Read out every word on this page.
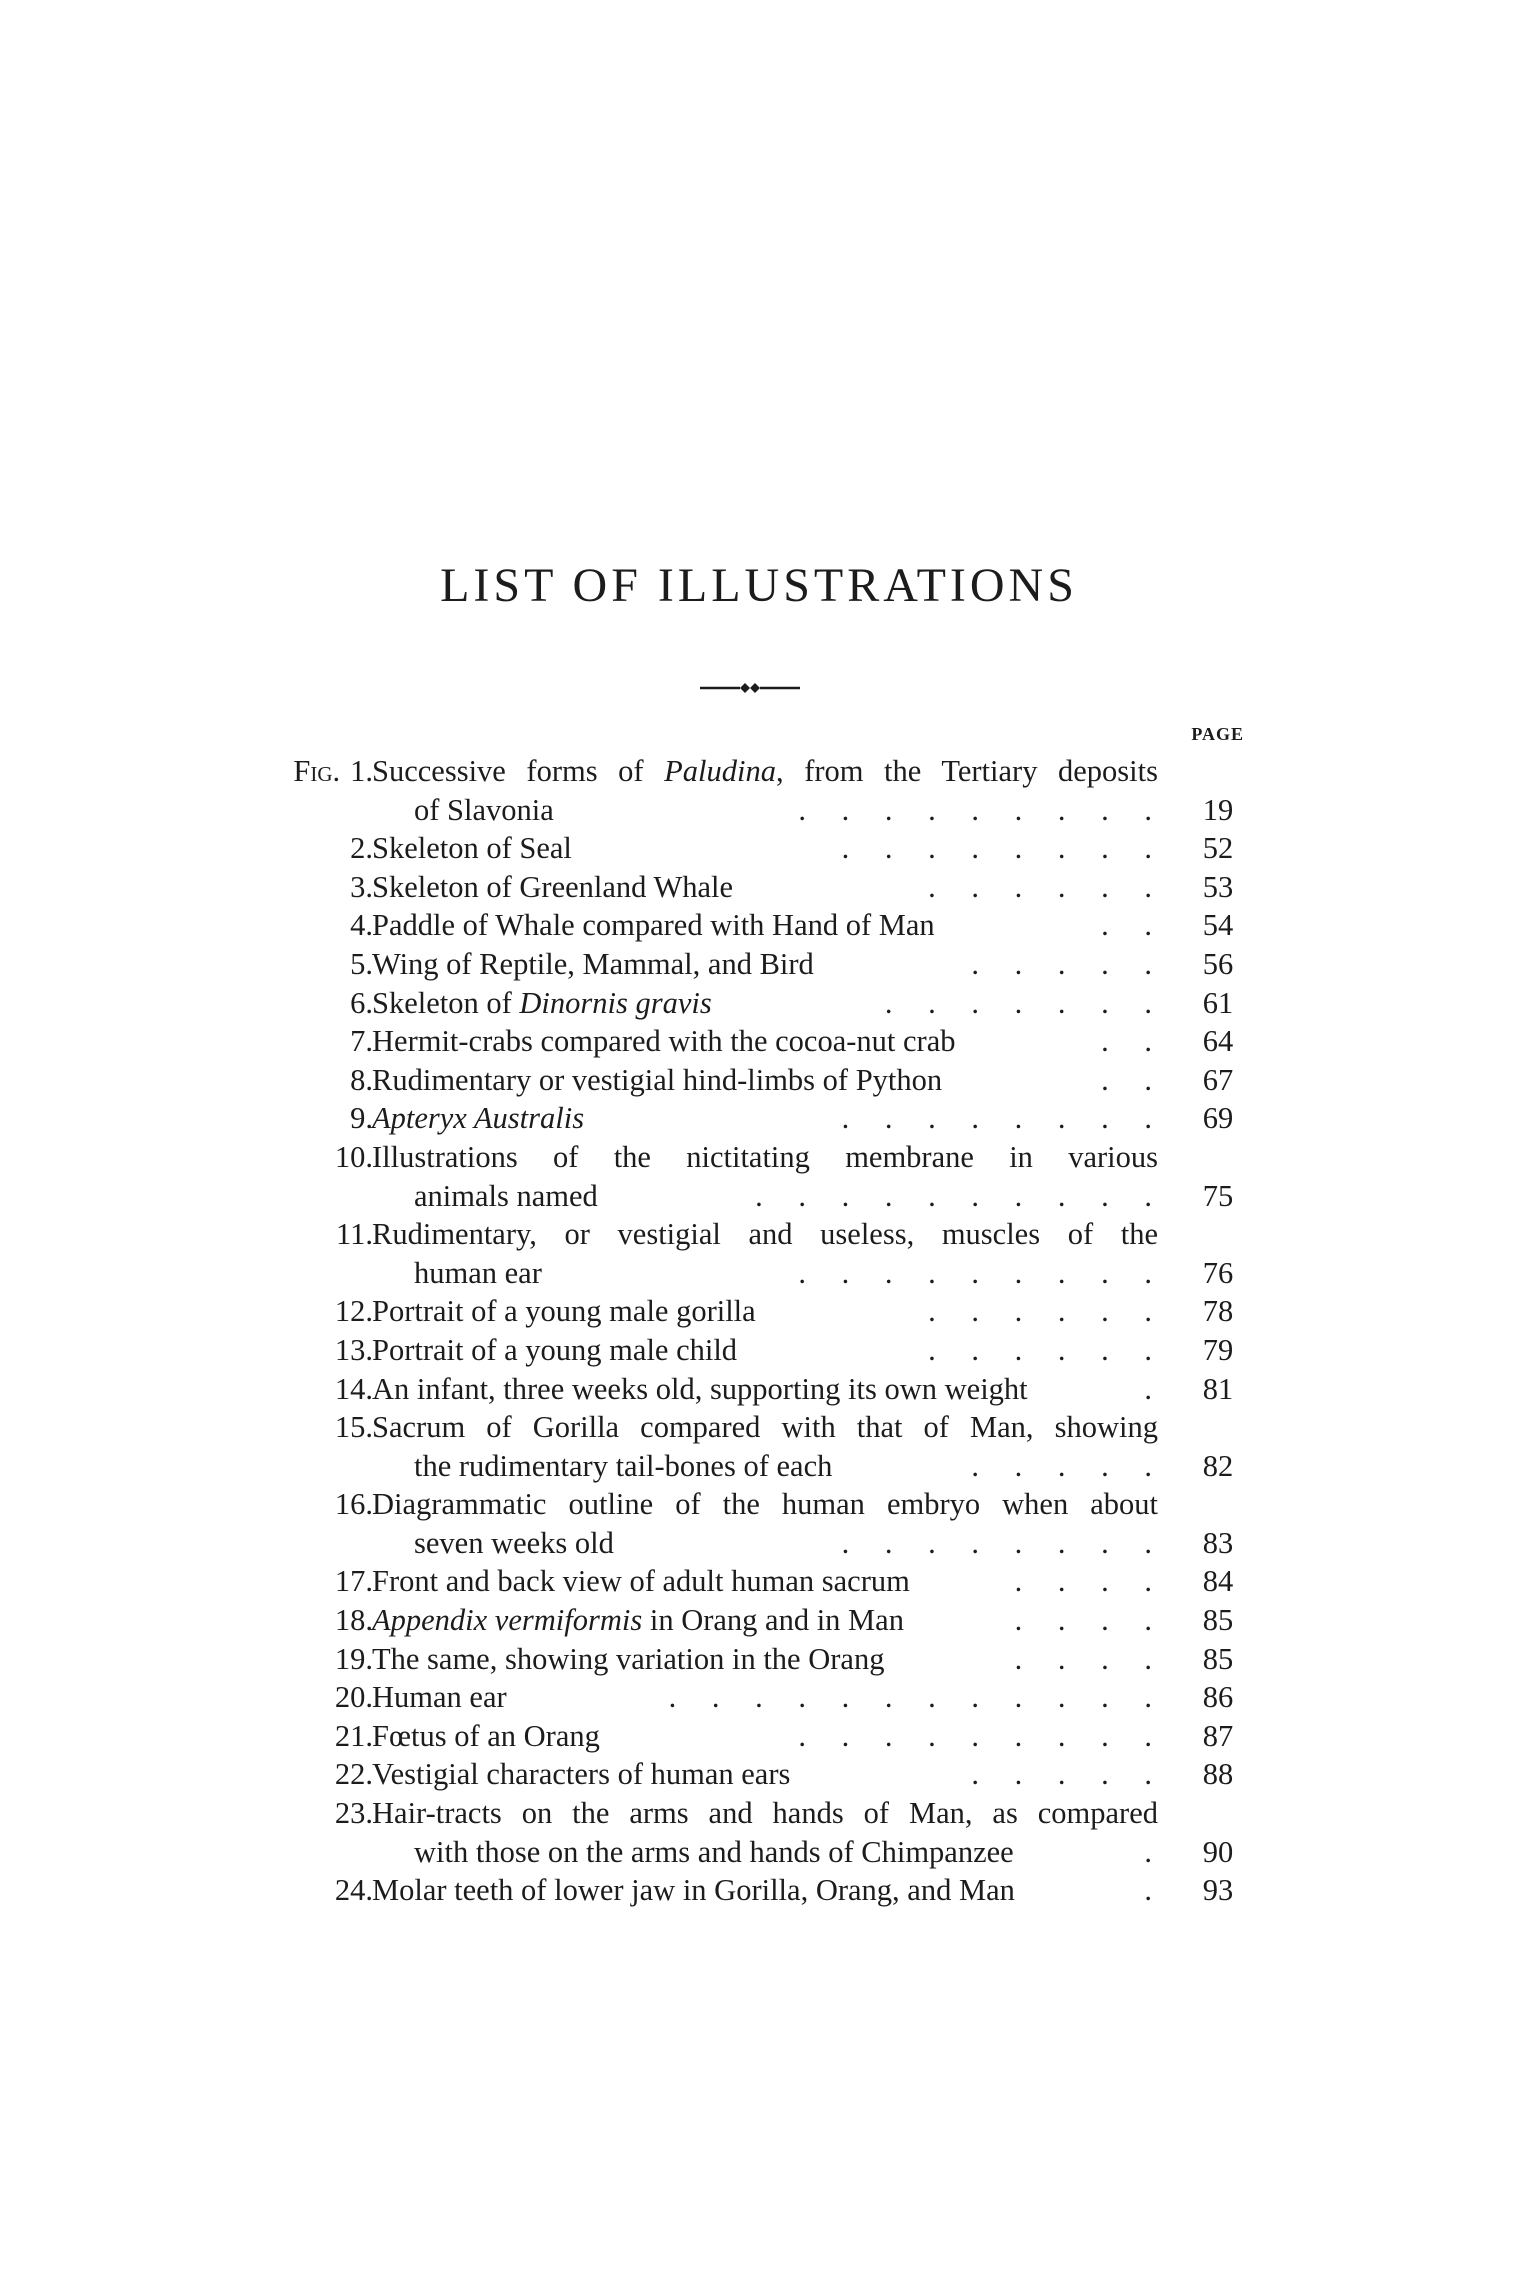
LIST OF ILLUSTRATIONS
PAGE
Fig. 1. Successive forms of Paludina, from the Tertiary deposits
of Slavonia	. . . . . . . . .	19
2. Skeleton of Seal	. . . . . . . .	52
3. Skeleton of Greenland Whale	. . . . . .	53
4. Paddle of Whale compared with Hand of Man	. .	54
5. Wing of Reptile, Mammal, and Bird	. . . . .	56
6. Skeleton of Dinornis gravis	. . . . . . .	61
7. Hermit-crabs compared with the cocoa-nut crab	. .	64
8. Rudimentary or vestigial hind-limbs of Python	. .	67
9. Apteryx Australis	. . . . . . . .	69
10. Illustrations of the nictitating membrane in various
animals named	. . . . . . . . . .	75
11. Rudimentary, or vestigial and useless, muscles of the
human ear	. . . . . . . . .	76
12. Portrait of a young male gorilla	. . . . . .	78
13. Portrait of a young male child	. . . . . .	79
14. An infant, three weeks old, supporting its own weight	.	81
15. Sacrum of Gorilla compared with that of Man, showing
the rudimentary tail-bones of each	. . . . .	82
16. Diagrammatic outline of the human embryo when about
seven weeks old	. . . . . . . .	83
17. Front and back view of adult human sacrum	. . . .	84
18. Appendix vermiformis in Orang and in Man	. . . .	85
19. The same, showing variation in the Orang	. . . .	85
20. Human ear	. . . . . . . . . . . .	86
21. Fœtus of an Orang	. . . . . . . . .	87
22. Vestigial characters of human ears	. . . . .	88
23. Hair-tracts on the arms and hands of Man, as compared
with those on the arms and hands of Chimpanzee	.	90
24. Molar teeth of lower jaw in Gorilla, Orang, and Man	.	93
